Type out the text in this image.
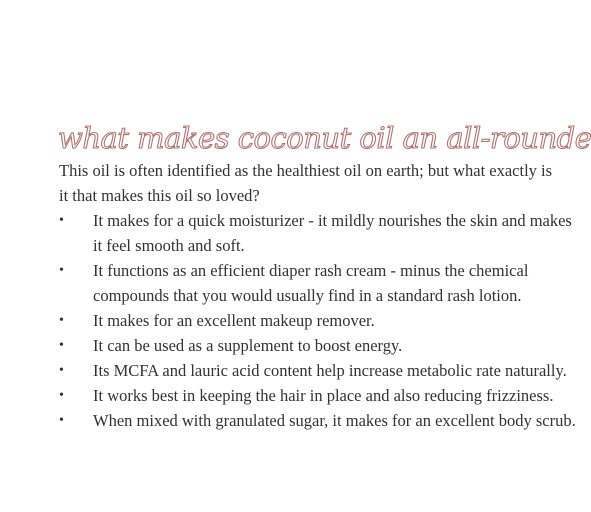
what makes coconut oil an all-rounde

This oil is often identified as the healthiest oil on earth; but what exactly is it that makes this oil so loved?

• It makes for a quick moisturizer - it mildly nourishes the skin and makes it feel smooth and soft.
• It functions as an efficient diaper rash cream - minus the chemical compounds that you would usually find in a standard rash lotion.
• It makes for an excellent makeup remover.
• It can be used as a supplement to boost energy.
• Its MCFA and lauric acid content help increase metabolic rate naturally.
• It works best in keeping the hair in place and also reducing frizziness.
• When mixed with granulated sugar, it makes for an excellent body scrub.
